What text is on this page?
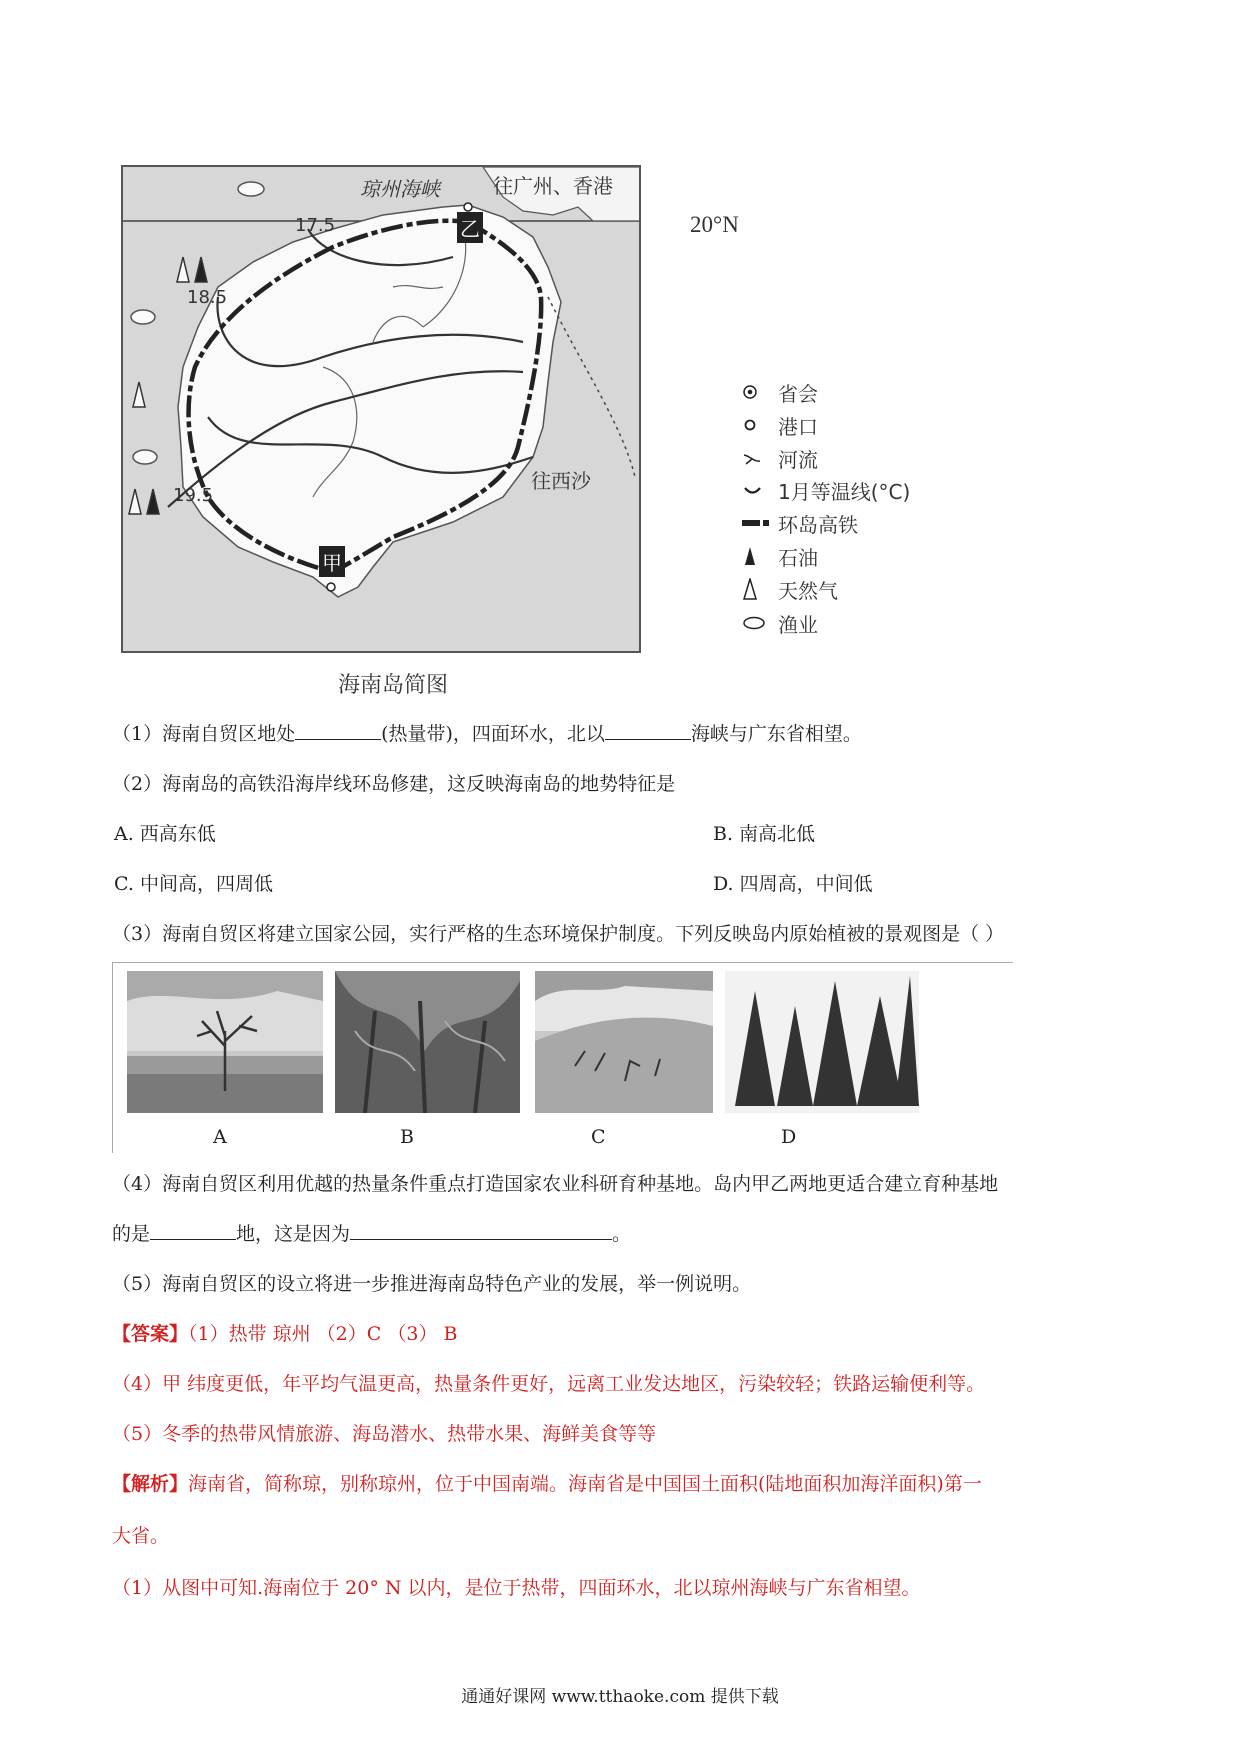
琼州海峡	往广州、香港
17.5
18.5
19.5
往西沙
乙
甲
20°N
海南岛简图
省会
港口
河流
1月等温线(°C)
环岛高铁
石油
天然气
渔业
（1）海南自贸区地处	(热量带)，四面环水，北以	海峡与广东省相望。
（2）海南岛的高铁沿海岸线环岛修建，这反映海南岛的地势特征是
A. 西高东低	B. 南高北低
C. 中间高，四周低	D. 四周高，中间低
（3）海南自贸区将建立国家公园，实行严格的生态环境保护制度。下列反映岛内原始植被的景观图是（ ）
A	B	C	D
（4）海南自贸区利用优越的热量条件重点打造国家农业科研育种基地。岛内甲乙两地更适合建立育种基地
的是	地，这是因为	。
（5）海南自贸区的设立将进一步推进海南岛特色产业的发展，举一例说明。
【答案】（1）热带 琼州 （2）C （3） B
（4）甲 纬度更低，年平均气温更高，热量条件更好，远离工业发达地区，污染较轻；铁路运输便利等。
（5）冬季的热带风情旅游、海岛潜水、热带水果、海鲜美食等等
【解析】海南省，简称琼，别称琼州，位于中国南端。海南省是中国国土面积(陆地面积加海洋面积)第一
大省。
（1）从图中可知.海南位于 20° N 以内，是位于热带，四面环水，北以琼州海峡与广东省相望。
通通好课网 www.tthaoke.com 提供下载
